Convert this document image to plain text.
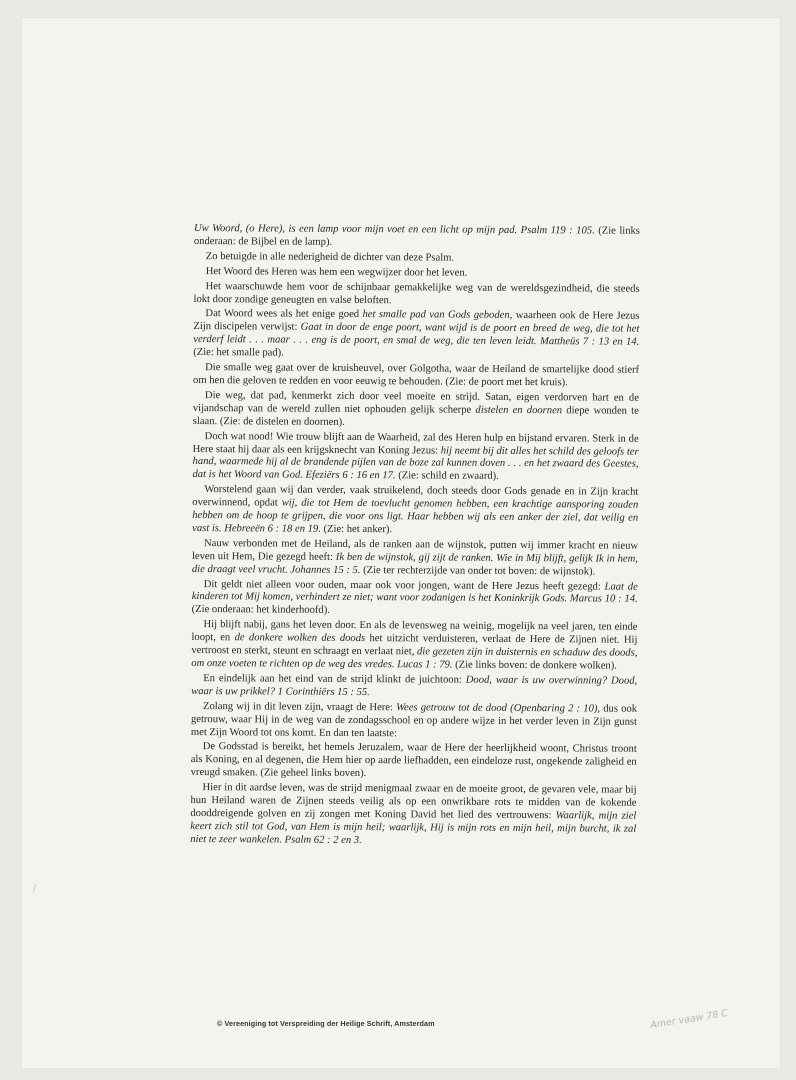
Uw Woord, (o Here), is een lamp voor mijn voet en een licht op mijn pad. Psalm 119 : 105. (Zie links onderaan: de Bijbel en de lamp).

Zo betuigde in alle nederigheid de dichter van deze Psalm.

Het Woord des Heren was hem een wegwijzer door het leven.

Het waarschuwde hem voor de schijnbaar gemakkelijke weg van de wereldsgezindheid, die steeds lokt door zondige geneugten en valse beloften.

Dat Woord wees als het enige goed het smalle pad van Gods geboden, waarheen ook de Here Jezus Zijn discipelen verwijst: Gaat in door de enge poort, want wijd is de poort en breed de weg, die tot het verderf leidt . . . maar . . . eng is de poort, en smal de weg, die ten leven leidt. Mattheüs 7 : 13 en 14. (Zie: het smalle pad).

Die smalle weg gaat over de kruisheuvel, over Golgotha, waar de Heiland de smartelijke dood stierf om hen die geloven te redden en voor eeuwig te behouden. (Zie: de poort met het kruis).

Die weg, dat pad, kenmerkt zich door veel moeite en strijd. Satan, eigen verdorven hart en de vijandschap van de wereld zullen niet ophouden gelijk scherpe distelen en doornen diepe wonden te slaan. (Zie: de distelen en doornen).

Doch wat nood! Wie trouw blijft aan de Waarheid, zal des Heren hulp en bijstand ervaren. Sterk in de Here staat hij daar als een krijgsknecht van Koning Jezus: hij neemt bij dit alles het schild des geloofs ter hand, waarmede hij al de brandende pijlen van de boze zal kunnen doven . . . en het zwaard des Geestes, dat is het Woord van God. Efeziërs 6 : 16 en 17. (Zie: schild en zwaard).

Worstelend gaan wij dan verder, vaak struikelend, doch steeds door Gods genade en in Zijn kracht overwinnend, opdat wij, die tot Hem de toevlucht genomen hebben, een krachtige aansporing zouden hebben om de hoop te grijpen, die voor ons ligt. Haar hebben wij als een anker der ziel, dat veilig en vast is. Hebreeën 6 : 18 en 19. (Zie: het anker).

Nauw verbonden met de Heiland, als de ranken aan de wijnstok, putten wij immer kracht en nieuw leven uit Hem, Die gezegd heeft: Ik ben de wijnstok, gij zijt de ranken. Wie in Mij blijft, gelijk Ik in hem, die draagt veel vrucht. Johannes 15 : 5. (Zie ter rechterzijde van onder tot boven: de wijnstok).

Dit geldt niet alleen voor ouden, maar ook voor jongen, want de Here Jezus heeft gezegd: Laat de kinderen tot Mij komen, verhindert ze niet; want voor zodanigen is het Koninkrijk Gods. Marcus 10 : 14. (Zie onderaan: het kinderhoofd).

Hij blijft nabij, gans het leven door. En als de levensweg na weinig, mogelijk na veel jaren, ten einde loopt, en de donkere wolken des doods het uitzicht verduisteren, verlaat de Here de Zijnen niet. Hij vertroost en sterkt, steunt en schraagt en verlaat niet, die gezeten zijn in duisternis en schaduw des doods, om onze voeten te richten op de weg des vredes. Lucas 1 : 79. (Zie links boven: de donkere wolken).

En eindelijk aan het eind van de strijd klinkt de juichtoon: Dood, waar is uw overwinning? Dood, waar is uw prikkel? 1 Corinthiërs 15 : 55.

Zolang wij in dit leven zijn, vraagt de Here: Wees getrouw tot de dood (Openbaring 2 : 10), dus ook getrouw, waar Hij in de weg van de zondagsschool en op andere wijze in het verder leven in Zijn gunst met Zijn Woord tot ons komt. En dan ten laatste:

De Godsstad is bereikt, het hemels Jeruzalem, waar de Here der heerlijkheid woont, Christus troont als Koning, en al degenen, die Hem hier op aarde liefhadden, een eindeloze rust, ongekende zaligheid en vreugd smaken. (Zie geheel links boven).

Hier in dit aardse leven, was de strijd menigmaal zwaar en de moeite groot, de gevaren vele, maar bij hun Heiland waren de Zijnen steeds veilig als op een onwrikbare rots te midden van de kokende dooddreigende golven en zij zongen met Koning David het lied des vertrouwens: Waarlijk, mijn ziel keert zich stil tot God, van Hem is mijn heil; waarlijk, Hij is mijn rots en mijn heil, mijn burcht, ik zal niet te zeer wankelen. Psalm 62 : 2 en 3.

© Vereeniging tot Verspreiding der Heilige Schrift, Amsterdam	Amer vaaw 78 C
